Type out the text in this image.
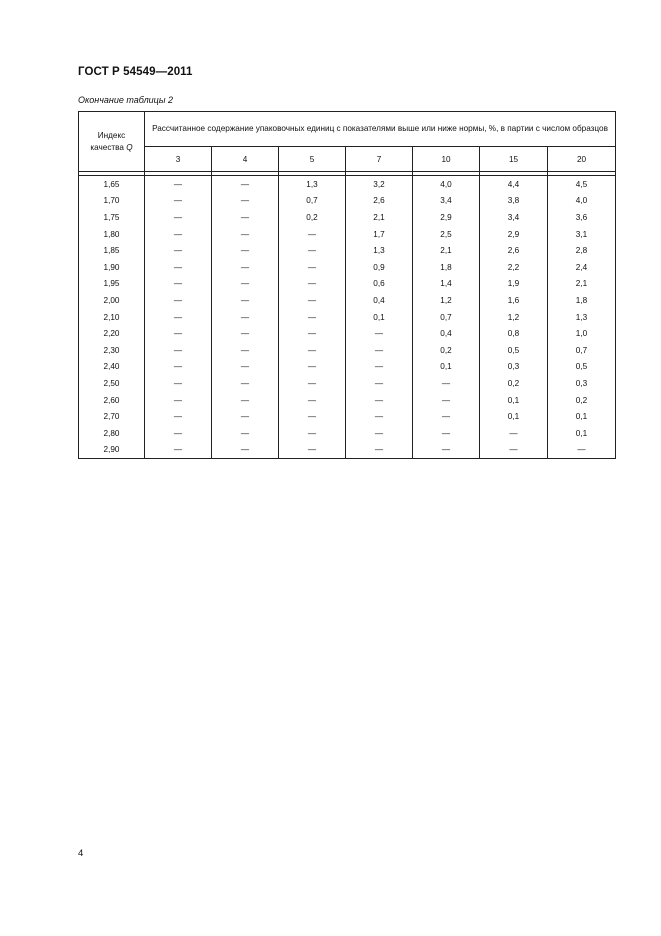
ГОСТ Р 54549—2011
Окончание таблицы 2
Индекс
качества Q	Рассчитанное содержание упаковочных единиц с показателями выше или ниже нормы, %, в партии с числом образцов						
	3	4	5	7	10	15	20

1,65	—	—	1,3	3,2	4,0	4,4	4,5
1,70	—	—	0,7	2,6	3,4	3,8	4,0
1,75	—	—	0,2	2,1	2,9	3,4	3,6
1,80	—	—	—	1,7	2,5	2,9	3,1
1,85	—	—	—	1,3	2,1	2,6	2,8
1,90	—	—	—	0,9	1,8	2,2	2,4
1,95	—	—	—	0,6	1,4	1,9	2,1
2,00	—	—	—	0,4	1,2	1,6	1,8
2,10	—	—	—	0,1	0,7	1,2	1,3
2,20	—	—	—	—	0,4	0,8	1,0
2,30	—	—	—	—	0,2	0,5	0,7
2,40	—	—	—	—	0,1	0,3	0,5
2,50	—	—	—	—	—	0,2	0,3
2,60	—	—	—	—	—	0,1	0,2
2,70	—	—	—	—	—	0,1	0,1
2,80	—	—	—	—	—	—	0,1
2,90	—	—	—	—	—	—	—
4
